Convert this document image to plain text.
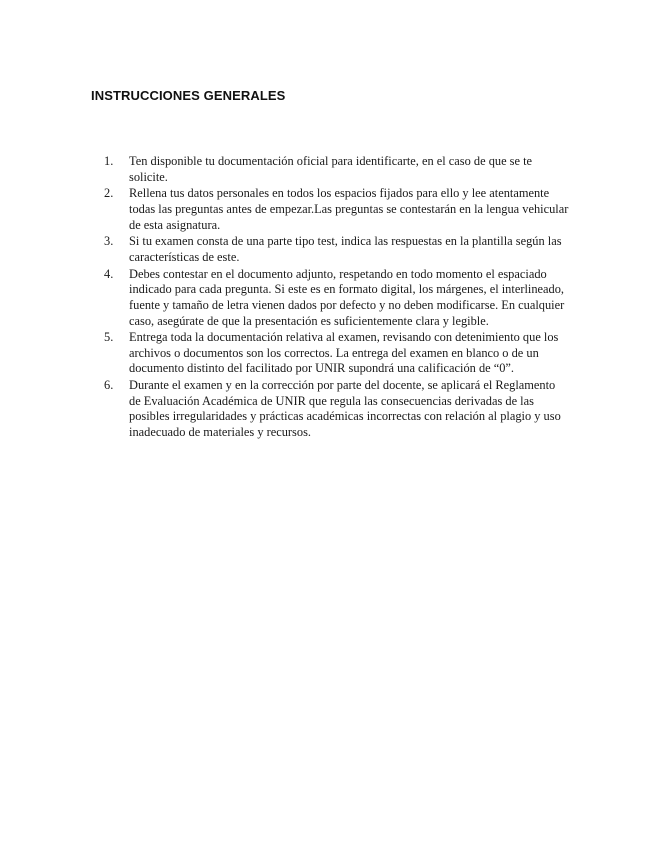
INSTRUCCIONES GENERALES
1.	Ten disponible tu documentación oficial para identificarte, en el caso de que se te solicite.
2.	Rellena tus datos personales en todos los espacios fijados para ello y lee atentamente todas las preguntas antes de empezar.Las preguntas se contestarán en la lengua vehicular de esta asignatura.
3.	Si tu examen consta de una parte tipo test, indica las respuestas en la plantilla según las características de este.
4.	Debes contestar en el documento adjunto, respetando en todo momento el espaciado indicado para cada pregunta. Si este es en formato digital, los márgenes, el interlineado, fuente y tamaño de letra vienen dados por defecto y no deben modificarse. En cualquier caso, asegúrate de que la presentación es suficientemente clara y legible.
5.	Entrega toda la documentación relativa al examen, revisando con detenimiento que los archivos o documentos son los correctos. La entrega del examen en blanco o de un documento distinto del facilitado por UNIR supondrá una calificación de “0”.
6.	Durante el examen y en la corrección por parte del docente, se aplicará el Reglamento de Evaluación Académica de UNIR que regula las consecuencias derivadas de las posibles irregularidades y prácticas académicas incorrectas con relación al plagio y uso inadecuado de materiales y recursos.
